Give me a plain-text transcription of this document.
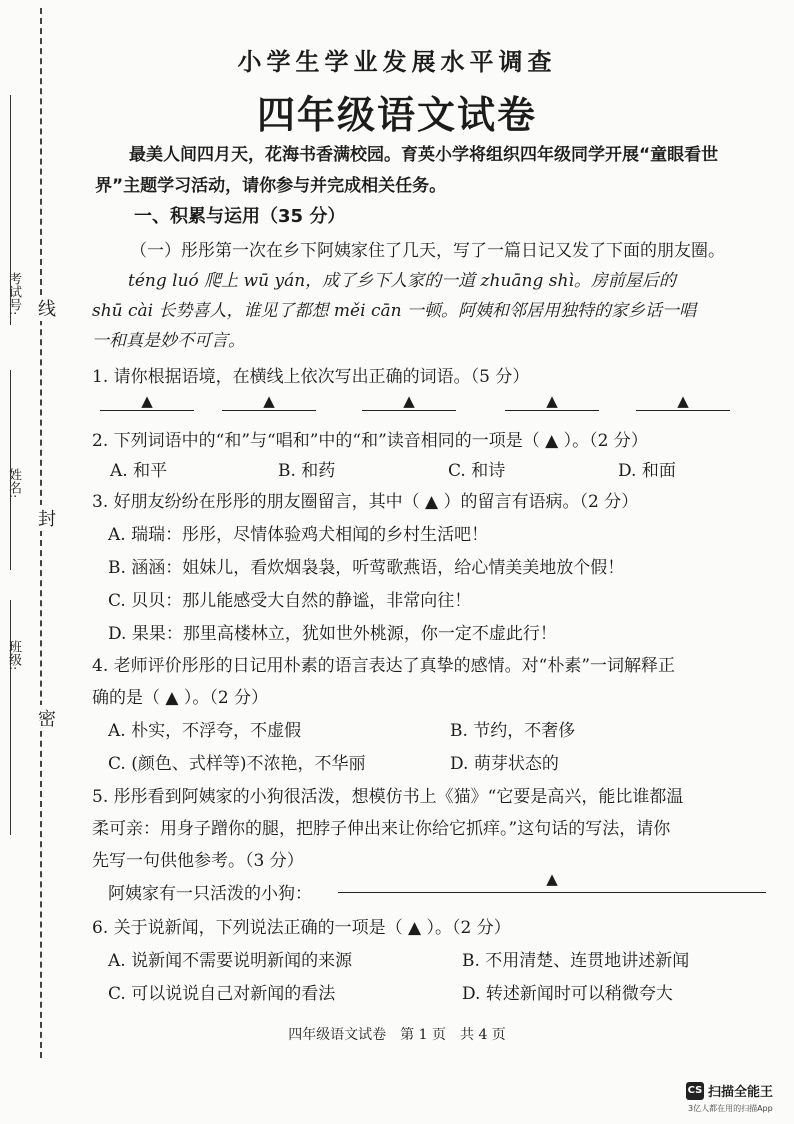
考试号:
姓名:
班级:
线
封
密
小学生学业发展水平调查
四年级语文试卷
最美人间四月天，花海书香满校园。育英小学将组织四年级同学开展“童眼看世界”主题学习活动，请你参与并完成相关任务。
一、积累与运用（35 分）
（一）彤彤第一次在乡下阿姨家住了几天，写了一篇日记又发了下面的朋友圈。
téng luó 爬上 wū yán，成了乡下人家的一道 zhuāng shì。房前屋后的
shū cài 长势喜人，谁见了都想 měi cān 一顿。阿姨和邻居用独特的家乡话一唱
一和真是妙不可言。
1. 请你根据语境，在横线上依次写出正确的词语。（5 分）
▲	▲	▲	▲	▲
2. 下列词语中的“和”与“唱和”中的“和”读音相同的一项是（ ▲ ）。（2 分）
A. 和平	B. 和药	C. 和诗	D. 和面
3. 好朋友纷纷在彤彤的朋友圈留言，其中（ ▲ ）的留言有语病。（2 分）
A. 瑞瑞：彤彤，尽情体验鸡犬相闻的乡村生活吧！
B. 涵涵：姐妹儿，看炊烟袅袅，听莺歌燕语，给心情美美地放个假！
C. 贝贝：那儿能感受大自然的静谧，非常向往！
D. 果果：那里高楼林立，犹如世外桃源，你一定不虚此行！
4. 老师评价彤彤的日记用朴素的语言表达了真挚的感情。对“朴素”一词解释正
确的是（ ▲ ）。（2 分）
A. 朴实，不浮夸，不虚假	B. 节约，不奢侈
C. (颜色、式样等)不浓艳，不华丽	D. 萌芽状态的
5. 彤彤看到阿姨家的小狗很活泼，想模仿书上《猫》“它要是高兴，能比谁都温
柔可亲：用身子蹭你的腿，把脖子伸出来让你给它抓痒。”这句话的写法，请你
先写一句供他参考。（3 分）
阿姨家有一只活泼的小狗：
▲
6. 关于说新闻，下列说法正确的一项是（ ▲ ）。（2 分）
A. 说新闻不需要说明新闻的来源	B. 不用清楚、连贯地讲述新闻
C. 可以说说自己对新闻的看法	D. 转述新闻时可以稍微夸大
四年级语文试卷　第 1 页　共 4 页
CS 扫描全能王
3亿人都在用的扫描App
